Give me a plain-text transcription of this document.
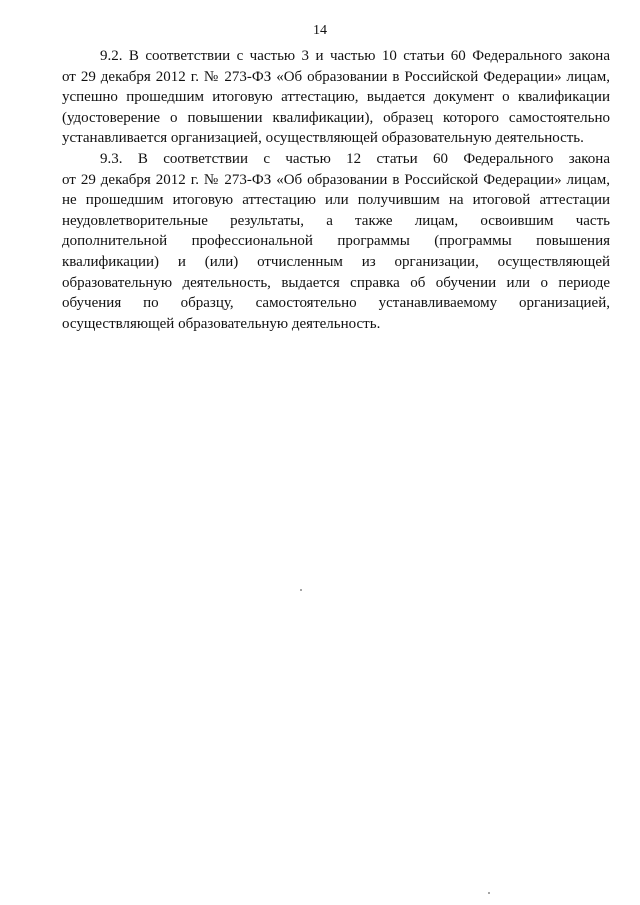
14

9.2. В соответствии с частью 3 и частью 10 статьи 60 Федерального закона
от 29 декабря 2012 г. № 273-ФЗ «Об образовании в Российской Федерации» лицам,
успешно прошедшим итоговую аттестацию, выдается документ о квалификации
(удостоверение о повышении квалификации), образец которого самостоятельно
устанавливается организацией, осуществляющей образовательную деятельность.

9.3. В соответствии с частью 12 статьи 60 Федерального закона
от 29 декабря 2012 г. № 273-ФЗ «Об образовании в Российской Федерации» лицам,
не прошедшим итоговую аттестацию или получившим на итоговой аттестации
неудовлетворительные результаты, а также лицам, освоившим часть
дополнительной профессиональной программы (программы повышения
квалификации) и (или) отчисленным из организации, осуществляющей
образовательную деятельность, выдается справка об обучении или о периоде
обучения по образцу, самостоятельно устанавливаемому организацией,
осуществляющей образовательную деятельность.
